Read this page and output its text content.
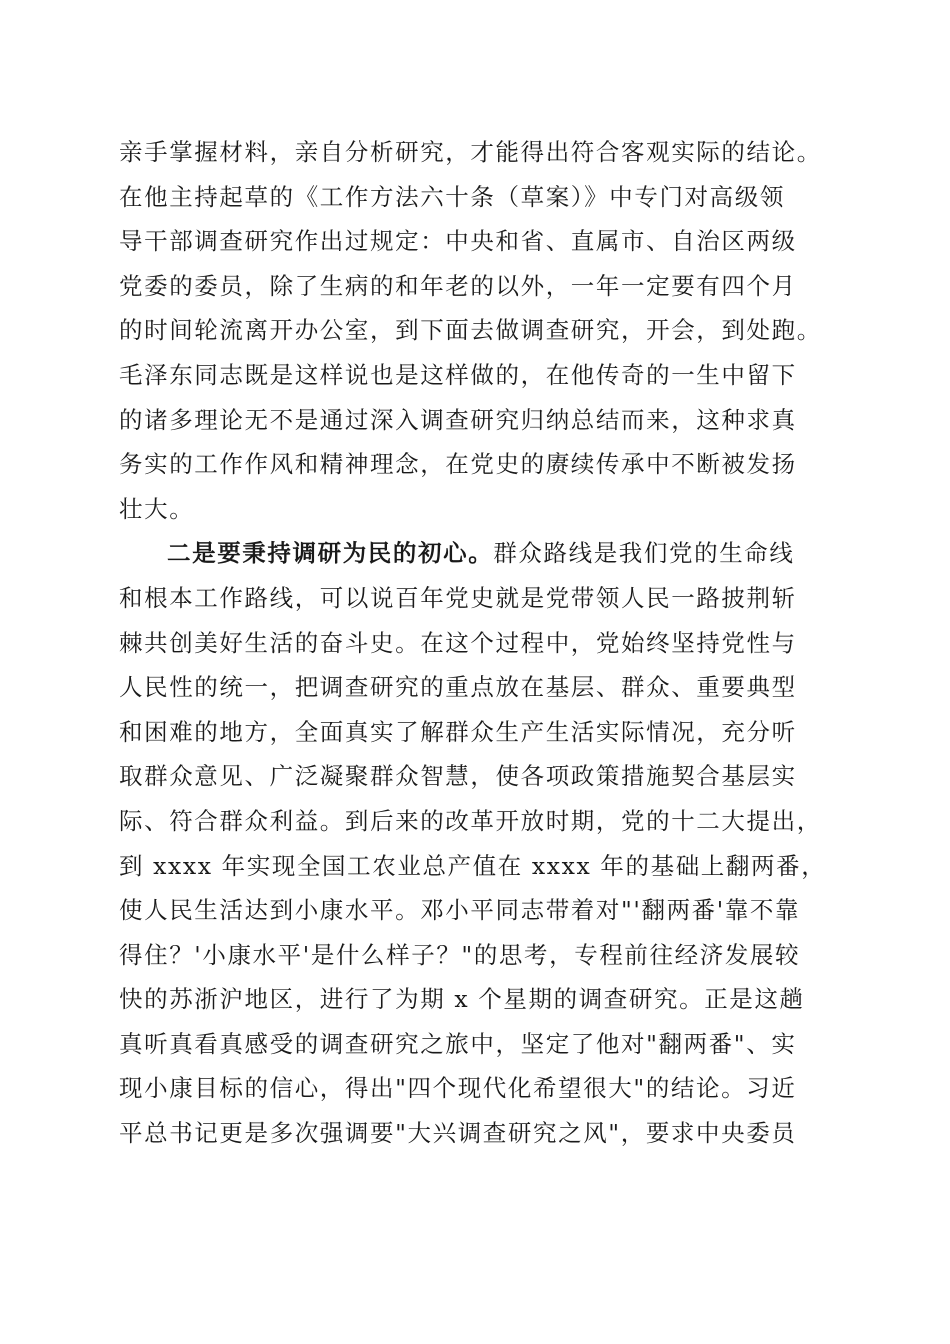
亲手掌握材料，亲自分析研究，才能得出符合客观实际的结论。
在他主持起草的《工作方法六十条（草案）》中专门对高级领
导干部调查研究作出过规定：中央和省、直属市、自治区两级
党委的委员，除了生病的和年老的以外，一年一定要有四个月
的时间轮流离开办公室，到下面去做调查研究，开会，到处跑。
毛泽东同志既是这样说也是这样做的，在他传奇的一生中留下
的诸多理论无不是通过深入调查研究归纳总结而来，这种求真
务实的工作作风和精神理念，在党史的赓续传承中不断被发扬
壮大。
二是要秉持调研为民的初心。群众路线是我们党的生命线
和根本工作路线，可以说百年党史就是党带领人民一路披荆斩
棘共创美好生活的奋斗史。在这个过程中，党始终坚持党性与
人民性的统一，把调查研究的重点放在基层、群众、重要典型
和困难的地方，全面真实了解群众生产生活实际情况，充分听
取群众意见、广泛凝聚群众智慧，使各项政策措施契合基层实
际、符合群众利益。到后来的改革开放时期，党的十二大提出，
到 xxxx 年实现全国工农业总产值在 xxxx 年的基础上翻两番，
使人民生活达到小康水平。邓小平同志带着对"'翻两番'靠不靠
得住？'小康水平'是什么样子？"的思考，专程前往经济发展较
快的苏浙沪地区，进行了为期 x 个星期的调查研究。正是这趟
真听真看真感受的调查研究之旅中，坚定了他对"翻两番"、实
现小康目标的信心，得出"四个现代化希望很大"的结论。习近
平总书记更是多次强调要"大兴调查研究之风"，要求中央委员
